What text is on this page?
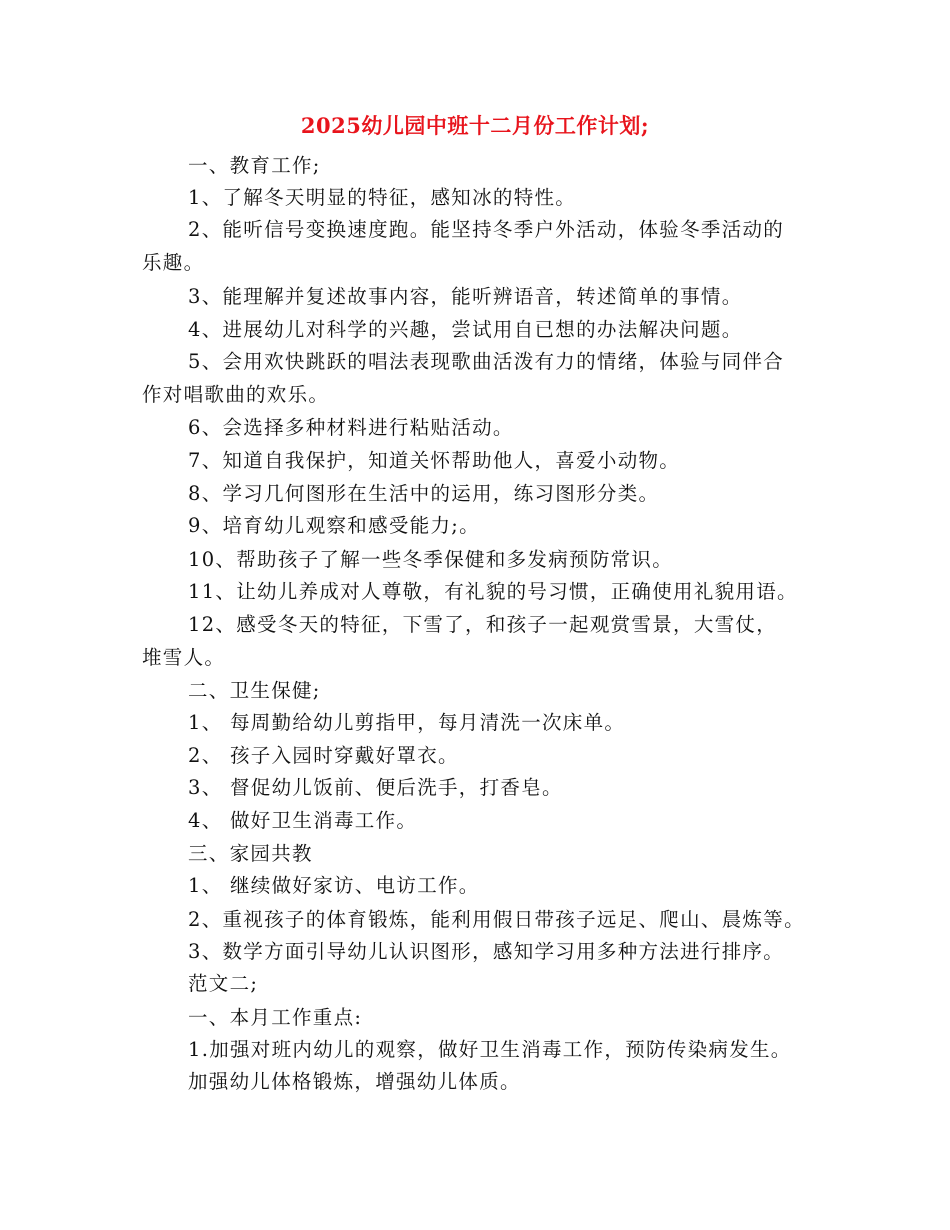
2025幼儿园中班十二月份工作计划;
一、教育工作;
1、了解冬天明显的特征，感知冰的特性。
2、能听信号变换速度跑。能坚持冬季户外活动，体验冬季活动的
乐趣。
3、能理解并复述故事内容，能听辨语音，转述简单的事情。
4、进展幼儿对科学的兴趣，尝试用自已想的办法解决问题。
5、会用欢快跳跃的唱法表现歌曲活泼有力的情绪，体验与同伴合
作对唱歌曲的欢乐。
6、会选择多种材料进行粘贴活动。
7、知道自我保护，知道关怀帮助他人，喜爱小动物。
8、学习几何图形在生活中的运用，练习图形分类。
9、培育幼儿观察和感受能力;。
10、帮助孩子了解一些冬季保健和多发病预防常识。
11、让幼儿养成对人尊敬，有礼貌的号习惯，正确使用礼貌用语。
12、感受冬天的特征，下雪了，和孩子一起观赏雪景，大雪仗，
堆雪人。
二、卫生保健;
1、 每周勤给幼儿剪指甲，每月清洗一次床单。
2、 孩子入园时穿戴好罩衣。
3、 督促幼儿饭前、便后洗手，打香皂。
4、 做好卫生消毒工作。
三、家园共教
1、 继续做好家访、电访工作。
2、重视孩子的体育锻炼，能利用假日带孩子远足、爬山、晨炼等。
3、数学方面引导幼儿认识图形，感知学习用多种方法进行排序。
范文二;
一、本月工作重点:
1.加强对班内幼儿的观察，做好卫生消毒工作，预防传染病发生。
加强幼儿体格锻炼，增强幼儿体质。
